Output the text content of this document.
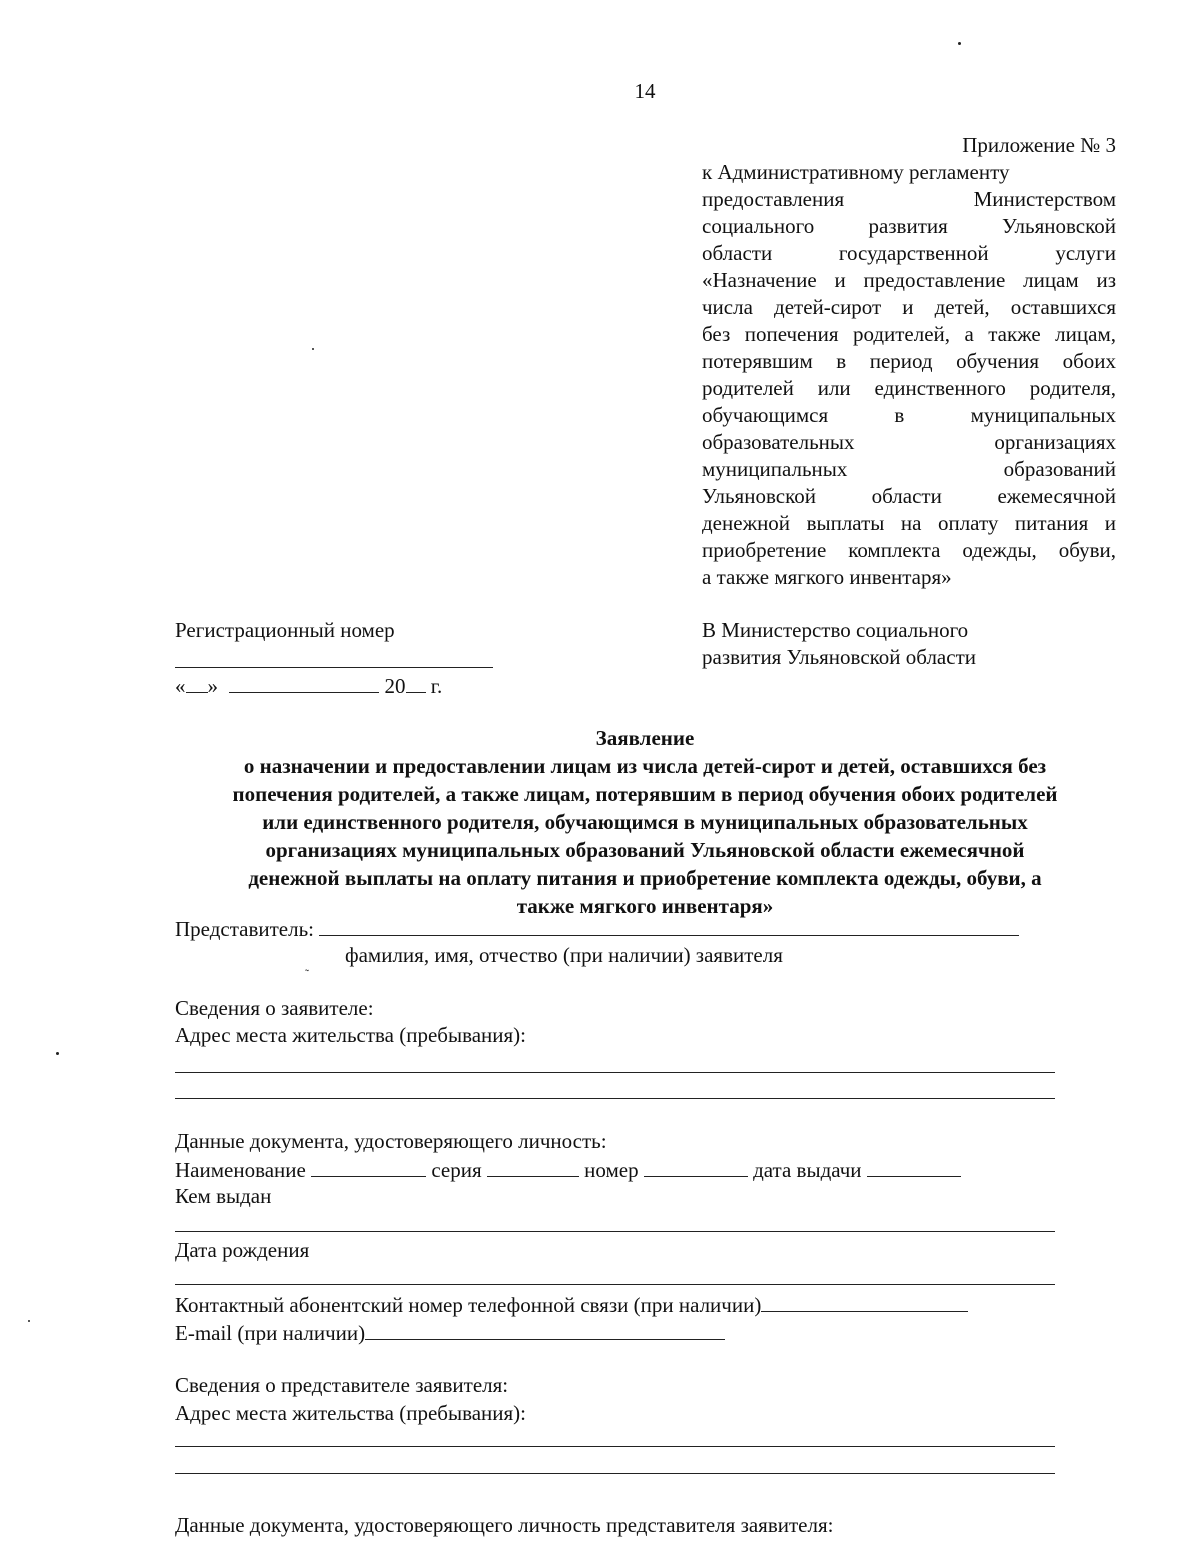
14
Приложение № 3
к Административному регламенту
предоставления Министерством
социального развития Ульяновской
области государственной услуги
«Назначение и предоставление лицам из
числа детей-сирот и детей, оставшихся
без попечения родителей, а также лицам,
потерявшим в период обучения обоих
родителей или единственного родителя,
обучающимся в муниципальных
образовательных организациях
муниципальных образований
Ульяновской области ежемесячной
денежной выплаты на оплату питания и
приобретение комплекта одежды, обуви,
а также мягкого инвентаря»
Регистрационный номер
« »	20 г.
В Министерство социального
развития Ульяновской области
Заявление
о назначении и предоставлении лицам из числа детей-сирот и детей, оставшихся без
попечения родителей, а также лицам, потерявшим в период обучения обоих родителей
или единственного родителя, обучающимся в муниципальных образовательных
организациях муниципальных образований Ульяновской области ежемесячной
денежной выплаты на оплату питания и приобретение комплекта одежды, обуви, а
также мягкого инвентаря»
Представитель:
˷ фамилия, имя, отчество (при наличии) заявителя
Сведения о заявителе:
Адрес места жительства (пребывания):
Данные документа, удостоверяющего личность:
Наименование	серия	номер	дата выдачи
Кем выдан
Дата рождения
Контактный абонентский номер телефонной связи (при наличии)
E-mail (при наличии)
Сведения о представителе заявителя:
Адрес места жительства (пребывания):
Данные документа, удостоверяющего личность представителя заявителя:
